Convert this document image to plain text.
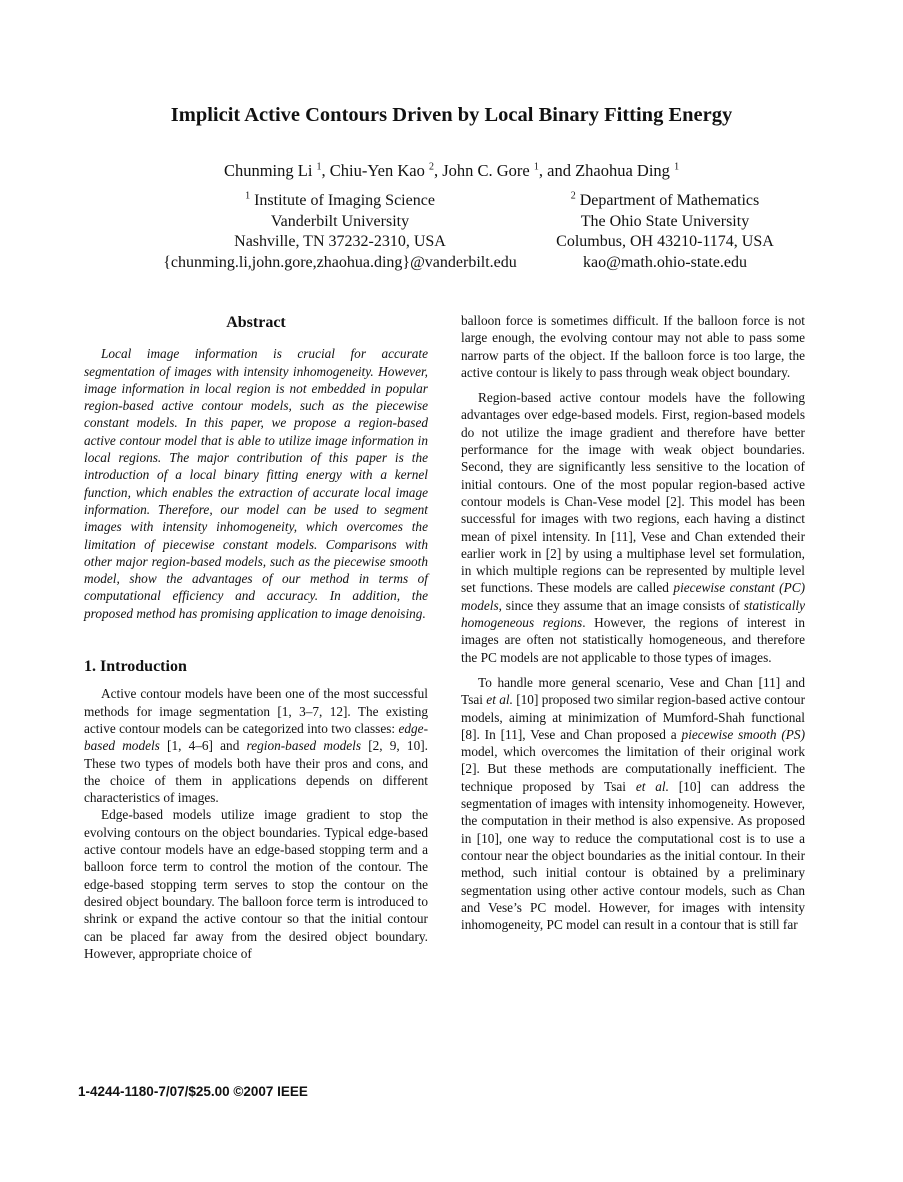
Implicit Active Contours Driven by Local Binary Fitting Energy
Chunming Li $^1$, Chiu-Yen Kao $^2$, John C. Gore $^1$, and Zhaohua Ding $^1$
$^1$ Institute of Imaging Science
Vanderbilt University
Nashville, TN 37232-2310, USA
{chunming.li,john.gore,zhaohua.ding}@vanderbilt.edu
$^2$ Department of Mathematics
The Ohio State University
Columbus, OH 43210-1174, USA
kao@math.ohio-state.edu
Abstract

Local image information is crucial for accurate segmentation of images with intensity inhomogeneity. However, image information in local region is not embedded in popular region-based active contour models, such as the piecewise constant models. In this paper, we propose a region-based active contour model that is able to utilize image information in local regions. The major contribution of this paper is the introduction of a local binary fitting energy with a kernel function, which enables the extraction of accurate local image information. Therefore, our model can be used to segment images with intensity inhomogeneity, which overcomes the limitation of piecewise constant models. Comparisons with other major region-based models, such as the piecewise smooth model, show the advantages of our method in terms of computational efficiency and accuracy. In addition, the proposed method has promising application to image denoising.

1. Introduction

Active contour models have been one of the most successful methods for image segmentation [1, 3–7, 12]. The existing active contour models can be categorized into two classes: edge-based models [1, 4–6] and region-based models [2, 9, 10]. These two types of models both have their pros and cons, and the choice of them in applications depends on different characteristics of images.

Edge-based models utilize image gradient to stop the evolving contours on the object boundaries. Typical edge-based active contour models have an edge-based stopping term and a balloon force term to control the motion of the contour. The edge-based stopping term serves to stop the contour on the desired object boundary. The balloon force term is introduced to shrink or expand the active contour so that the initial contour can be placed far away from the desired object boundary. However, appropriate choice of

balloon force is sometimes difficult. If the balloon force is not large enough, the evolving contour may not able to pass some narrow parts of the object. If the balloon force is too large, the active contour is likely to pass through weak object boundary.

Region-based active contour models have the following advantages over edge-based models. First, region-based models do not utilize the image gradient and therefore have better performance for the image with weak object boundaries. Second, they are significantly less sensitive to the location of initial contours. One of the most popular region-based active contour models is Chan-Vese model [2]. This model has been successful for images with two regions, each having a distinct mean of pixel intensity. In [11], Vese and Chan extended their earlier work in [2] by using a multiphase level set formulation, in which multiple regions can be represented by multiple level set functions. These models are called piecewise constant (PC) models, since they assume that an image consists of statistically homogeneous regions. However, the regions of interest in images are often not statistically homogeneous, and therefore the PC models are not applicable to those types of images.

To handle more general scenario, Vese and Chan [11] and Tsai et al. [10] proposed two similar region-based active contour models, aiming at minimization of Mumford-Shah functional [8]. In [11], Vese and Chan proposed a piecewise smooth (PS) model, which overcomes the limitation of their original work [2]. But these methods are computationally inefficient. The technique proposed by Tsai et al. [10] can address the segmentation of images with intensity inhomogeneity. However, the computation in their method is also expensive. As proposed in [10], one way to reduce the computational cost is to use a contour near the object boundaries as the initial contour. In their method, such initial contour is obtained by a preliminary segmentation using other active contour models, such as Chan and Vese’s PC model. However, for images with intensity inhomogeneity, PC model can result in a contour that is still far

1-4244-1180-7/07/$25.00 ©2007 IEEE
